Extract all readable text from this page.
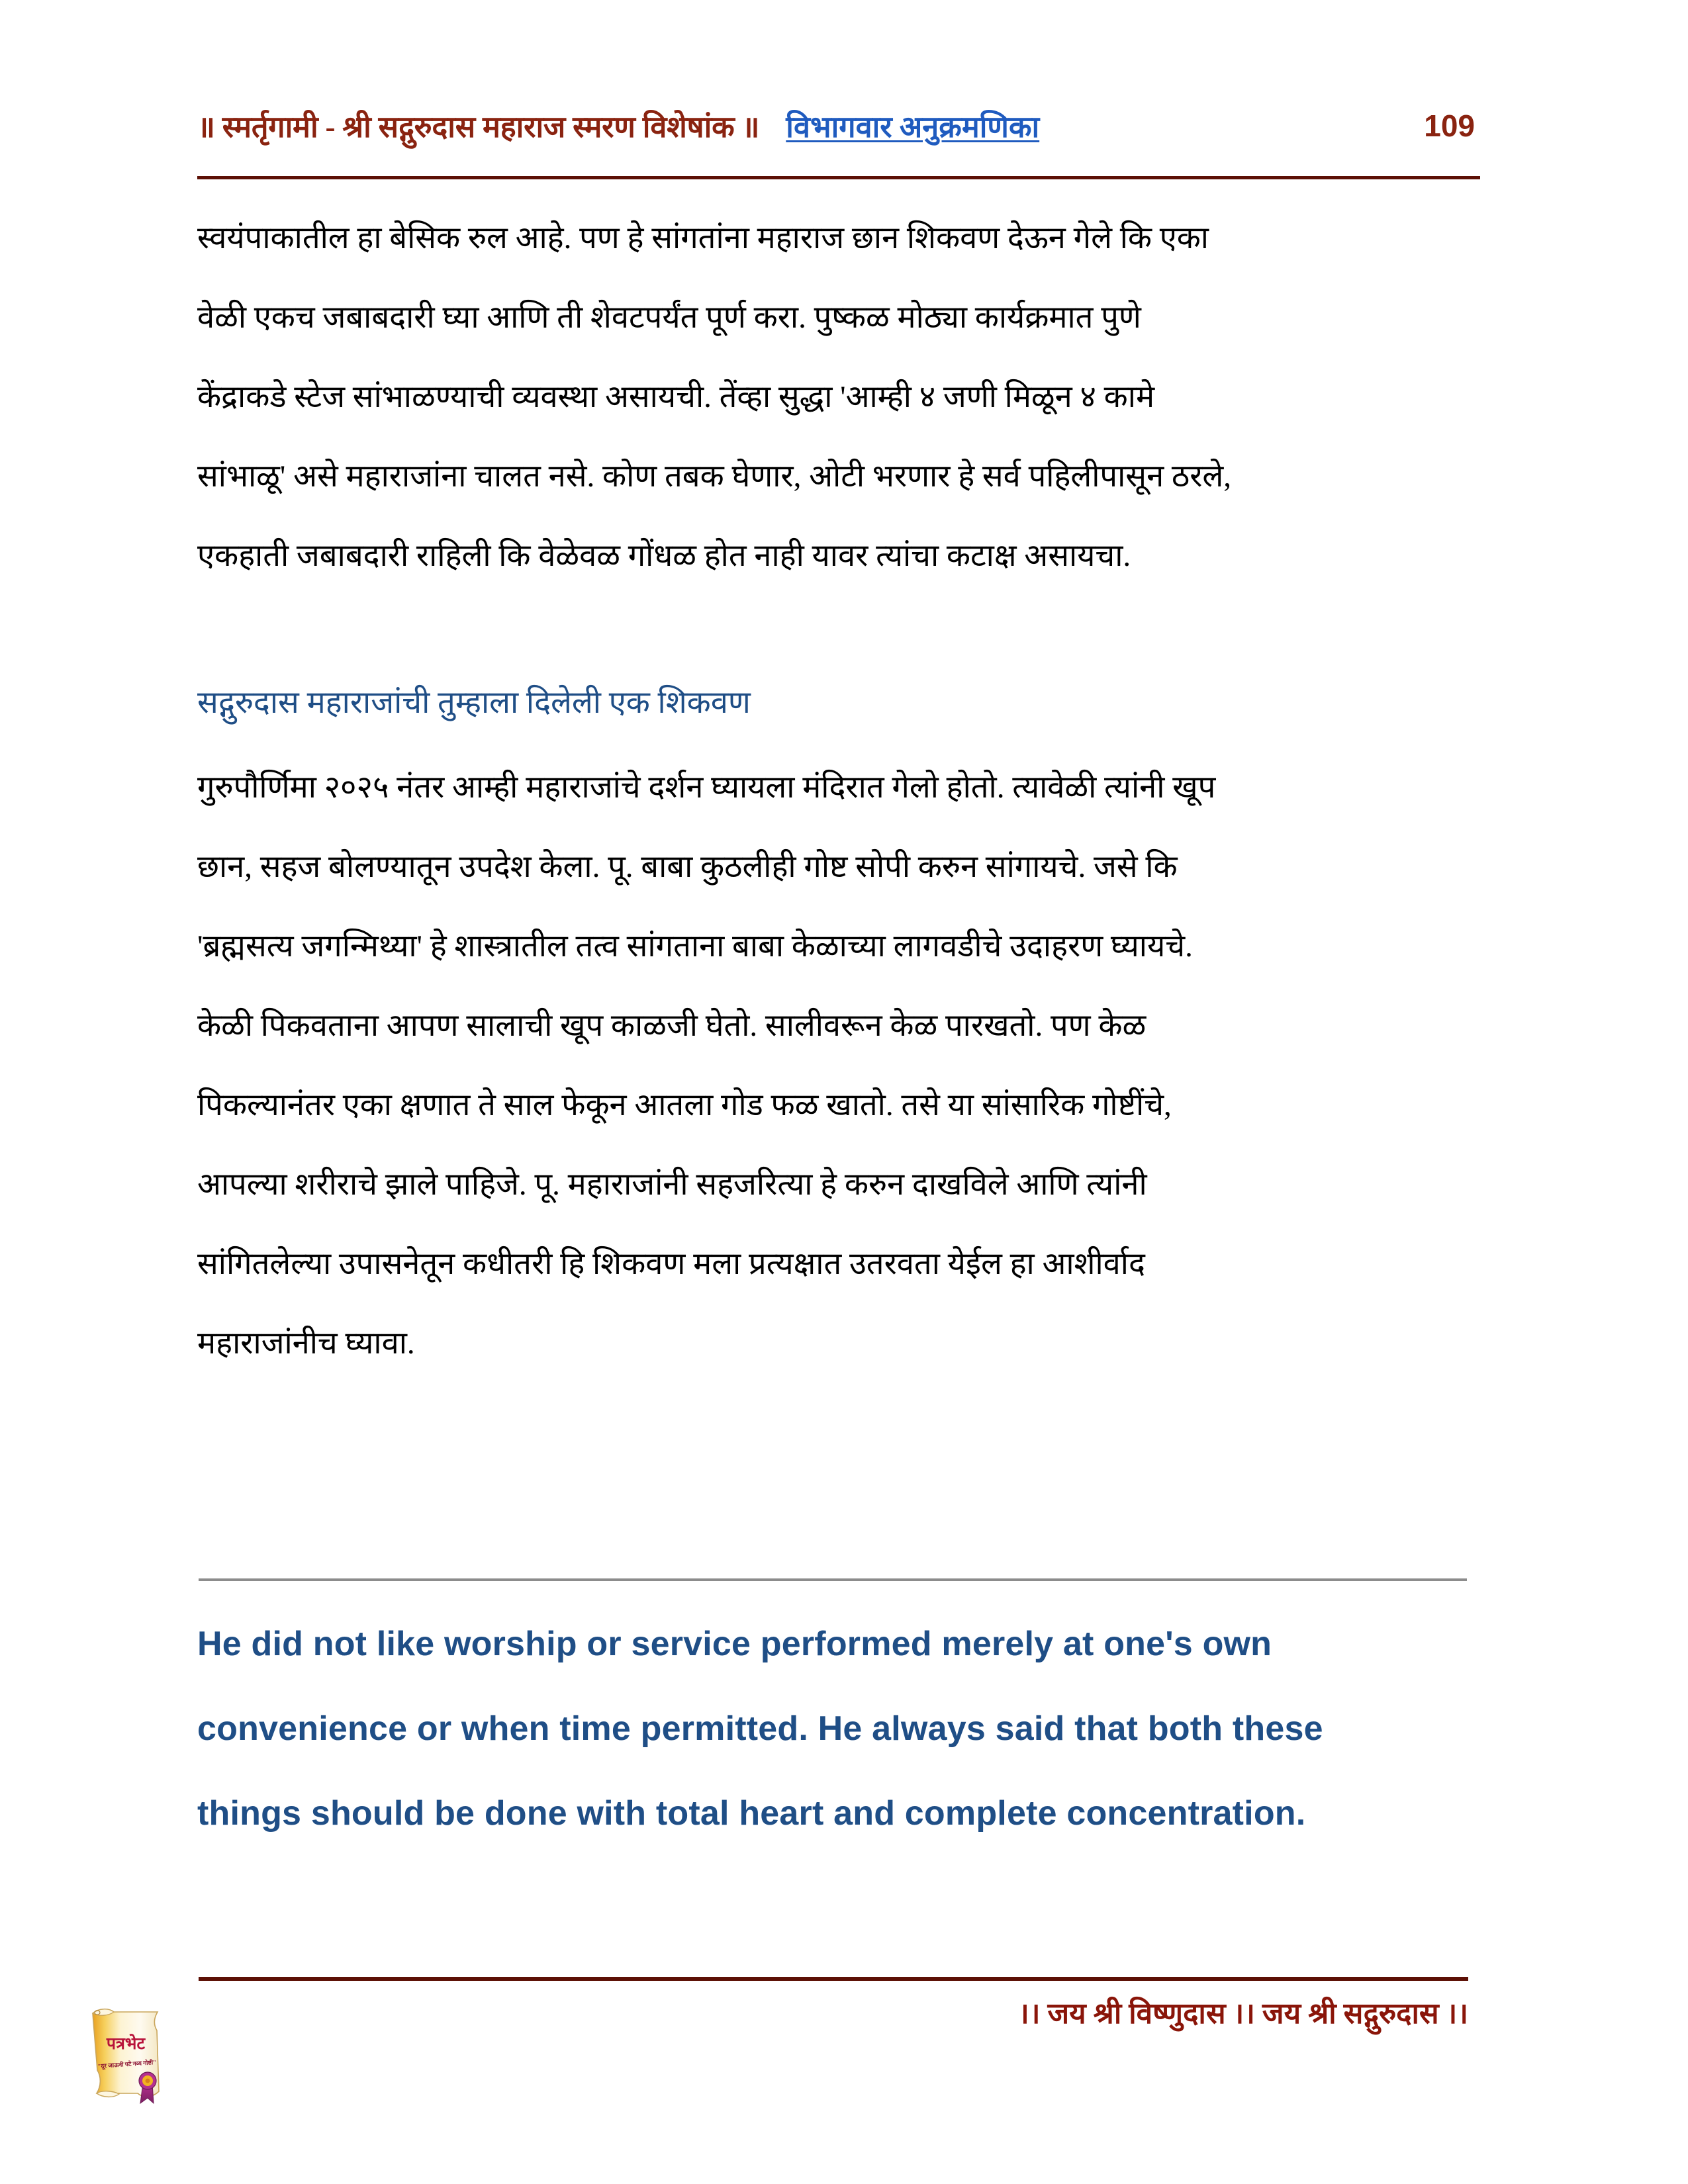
॥ स्मर्तृगामी - श्री सद्गुरुदास महाराज स्मरण विशेषांक ॥ विभागवार अनुक्रमणिका	109

स्वयंपाकातील हा बेसिक रुल आहे. पण हे सांगतांना महाराज छान शिकवण देऊन गेले कि एका
वेळी एकच जबाबदारी घ्या आणि ती शेवटपर्यंत पूर्ण करा. पुष्कळ मोठ्या कार्यक्रमात पुणे
केंद्राकडे स्टेज सांभाळण्याची व्यवस्था असायची. तेंव्हा सुद्धा 'आम्ही ४ जणी मिळून ४ कामे
सांभाळू' असे महाराजांना चालत नसे. कोण तबक घेणार, ओटी भरणार हे सर्व पहिलीपासून ठरले,
एकहाती जबाबदारी राहिली कि वेळेवळ गोंधळ होत नाही यावर त्यांचा कटाक्ष असायचा.

सद्गुरुदास महाराजांची तुम्हाला दिलेली एक शिकवण

गुरुपौर्णिमा २०२५ नंतर आम्ही महाराजांचे दर्शन घ्यायला मंदिरात गेलो होतो. त्यावेळी त्यांनी खूप
छान, सहज बोलण्यातून उपदेश केला. पू. बाबा कुठलीही गोष्ट सोपी करुन सांगायचे. जसे कि
'ब्रह्मसत्य जगन्मिथ्या' हे शास्त्रातील तत्व सांगताना बाबा केळाच्या लागवडीचे उदाहरण घ्यायचे.
केळी पिकवताना आपण सालाची खूप काळजी घेतो. सालीवरून केळ पारखतो. पण केळ
पिकल्यानंतर एका क्षणात ते साल फेकून आतला गोड फळ खातो. तसे या सांसारिक गोष्टींचे,
आपल्या शरीराचे झाले पाहिजे. पू. महाराजांनी सहजरित्या हे करुन दाखविले आणि त्यांनी
सांगितलेल्या उपासनेतून कधीतरी हि शिकवण मला प्रत्यक्षात उतरवता येईल हा आशीर्वाद
महाराजांनीच घ्यावा.

He did not like worship or service performed merely at one's own
convenience or when time permitted. He always said that both these
things should be done with total heart and complete concentration.
।। जय श्री विष्णुदास ।। जय श्री सद्गुरुदास ।।
पत्रभेट
"दूर जाऊनी पटे नव्य गोष्टी"
